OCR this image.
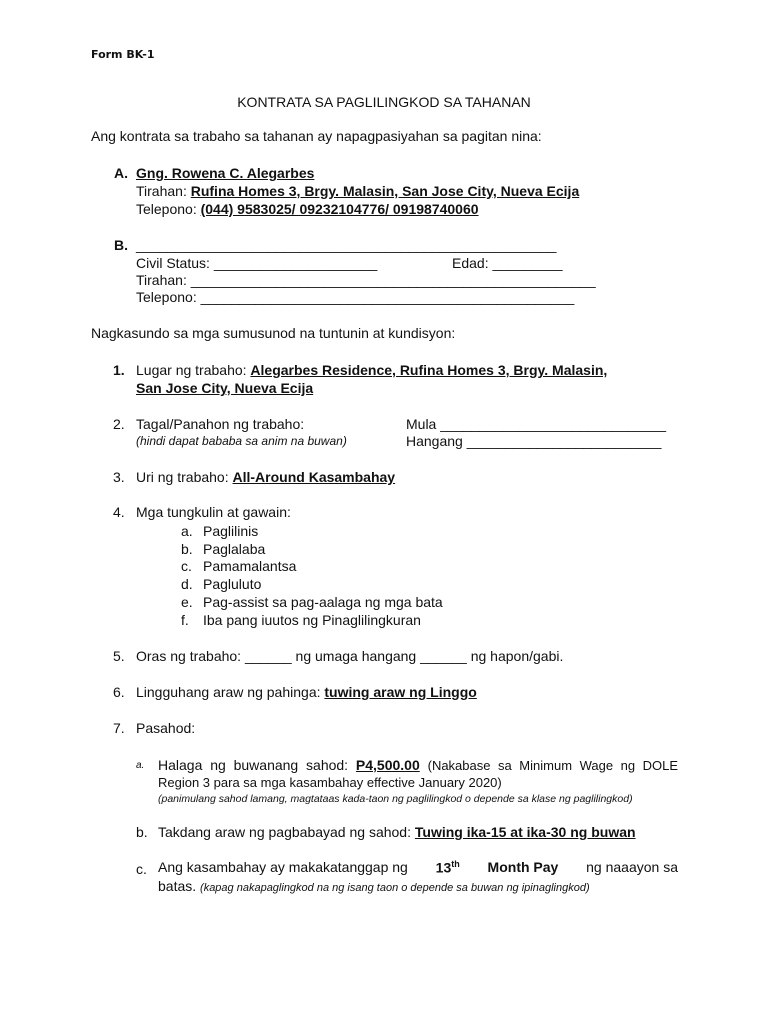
Form BK-1
KONTRATA SA PAGLILINGKOD SA TAHANAN
Ang kontrata sa trabaho sa tahanan ay napagpasiyahan sa pagitan nina:
A. Gng. Rowena C. Alegarbes
Tirahan: Rufina Homes 3, Brgy. Malasin, San Jose City, Nueva Ecija
Telepono: (044) 9583025/ 09232104776/ 09198740060
B. ______________________________________________________
Civil Status: _____________________	Edad: _________
Tirahan: ____________________________________________________
Telepono: ________________________________________________
Nagkasundo sa mga sumusunod na tuntunin at kundisyon:
1. Lugar ng trabaho: Alegarbes Residence, Rufina Homes 3, Brgy. Malasin,
San Jose City, Nueva Ecija
2. Tagal/Panahon ng trabaho:
(hindi dapat bababa sa anim na buwan)
Mula _____________________________
Hangang _________________________
3. Uri ng trabaho: All-Around Kasambahay
4. Mga tungkulin at gawain:
a. Paglilinis
b. Paglalaba
c. Pamamalantsa
d. Pagluluto
e. Pag-assist sa pag-aalaga ng mga bata
f. Iba pang iuutos ng Pinaglilingkuran
5. Oras ng trabaho: ______ ng umaga hangang ______ ng hapon/gabi.
6. Lingguhang araw ng pahinga: tuwing araw ng Linggo
7. Pasahod:
a. Halaga ng buwanang sahod: P4,500.00 (Nakabase sa Minimum Wage ng DOLE Region 3 para sa mga kasambahay effective January 2020)
(panimulang sahod lamang, magtataas kada-taon ng paglilingkod o depende sa klase ng paglilingkod)
b. Takdang araw ng pagbabayad ng sahod: Tuwing ika-15 at ika-30 ng buwan
c. Ang kasambahay ay makakatanggap ng 13th Month Pay ng naaayon sa
batas. (kapag nakapaglingkod na ng isang taon o depende sa buwan ng ipinaglingkod)
